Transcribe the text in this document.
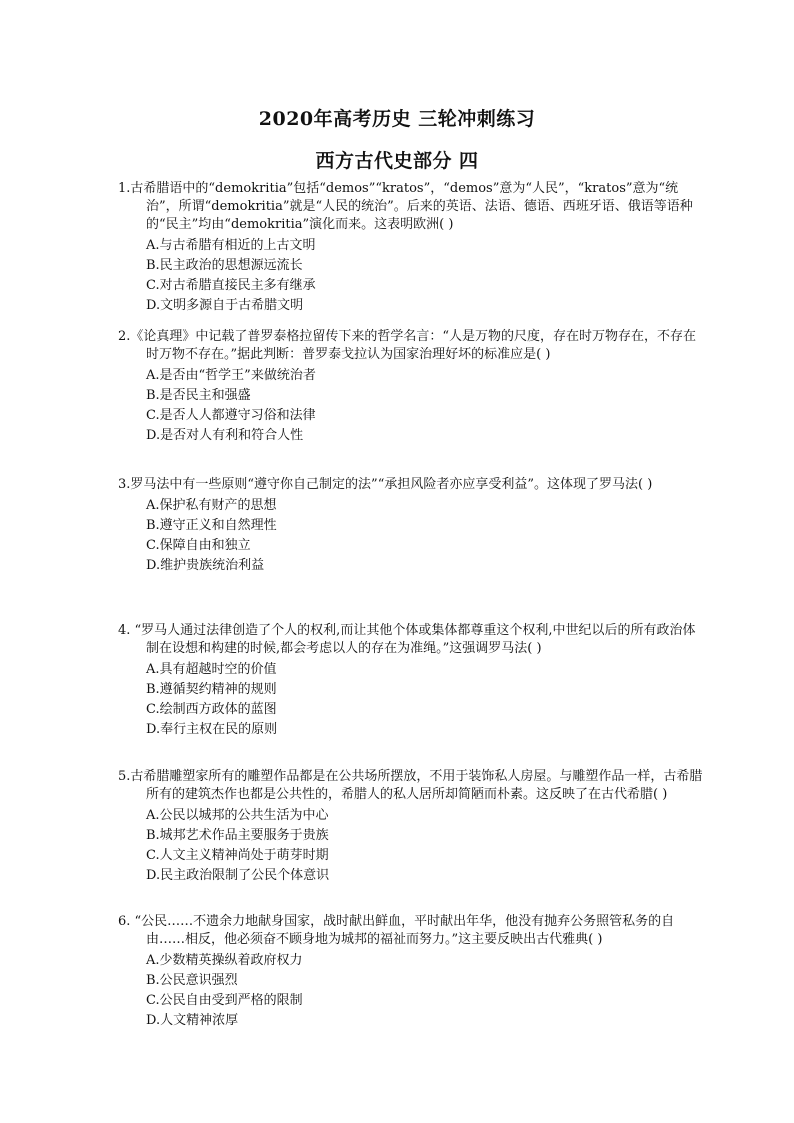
2020年高考历史 三轮冲刺练习
西方古代史部分 四
1.古希腊语中的“demokritia”包括“demos”“kratos”，“demos”意为“人民”，“kratos”意为“统治”，所谓“demokritia”就是“人民的统治”。后来的英语、法语、德语、西班牙语、俄语等语种的“民主”均由“demokritia”演化而来。这表明欧洲( )
A.与古希腊有相近的上古文明
B.民主政治的思想源远流长
C.对古希腊直接民主多有继承
D.文明多源自于古希腊文明
2.《论真理》中记载了普罗泰格拉留传下来的哲学名言：“人是万物的尺度，存在时万物存在，不存在时万物不存在。”据此判断：普罗泰戈拉认为国家治理好坏的标准应是( )
A.是否由“哲学王”来做统治者
B.是否民主和强盛
C.是否人人都遵守习俗和法律
D.是否对人有利和符合人性
3.罗马法中有一些原则“遵守你自己制定的法”“承担风险者亦应享受利益”。这体现了罗马法( )
A.保护私有财产的思想
B.遵守正义和自然理性
C.保障自由和独立
D.维护贵族统治利益
4. “罗马人通过法律创造了个人的权利,而让其他个体或集体都尊重这个权利,中世纪以后的所有政治体制在设想和构建的时候,都会考虑以人的存在为准绳。”这强调罗马法( )
A.具有超越时空的价值
B.遵循契约精神的规则
C.绘制西方政体的蓝图
D.奉行主权在民的原则
5.古希腊雕塑家所有的雕塑作品都是在公共场所摆放，不用于装饰私人房屋。与雕塑作品一样，古希腊所有的建筑杰作也都是公共性的，希腊人的私人居所却简陋而朴素。这反映了在古代希腊( )
A.公民以城邦的公共生活为中心
B.城邦艺术作品主要服务于贵族
C.人文主义精神尚处于萌芽时期
D.民主政治限制了公民个体意识
6. “公民……不遗余力地献身国家，战时献出鲜血，平时献出年华，他没有抛弃公务照管私务的自由……相反，他必须奋不顾身地为城邦的福祉而努力。”这主要反映出古代雅典( )
A.少数精英操纵着政府权力
B.公民意识强烈
C.公民自由受到严格的限制
D.人文精神浓厚
